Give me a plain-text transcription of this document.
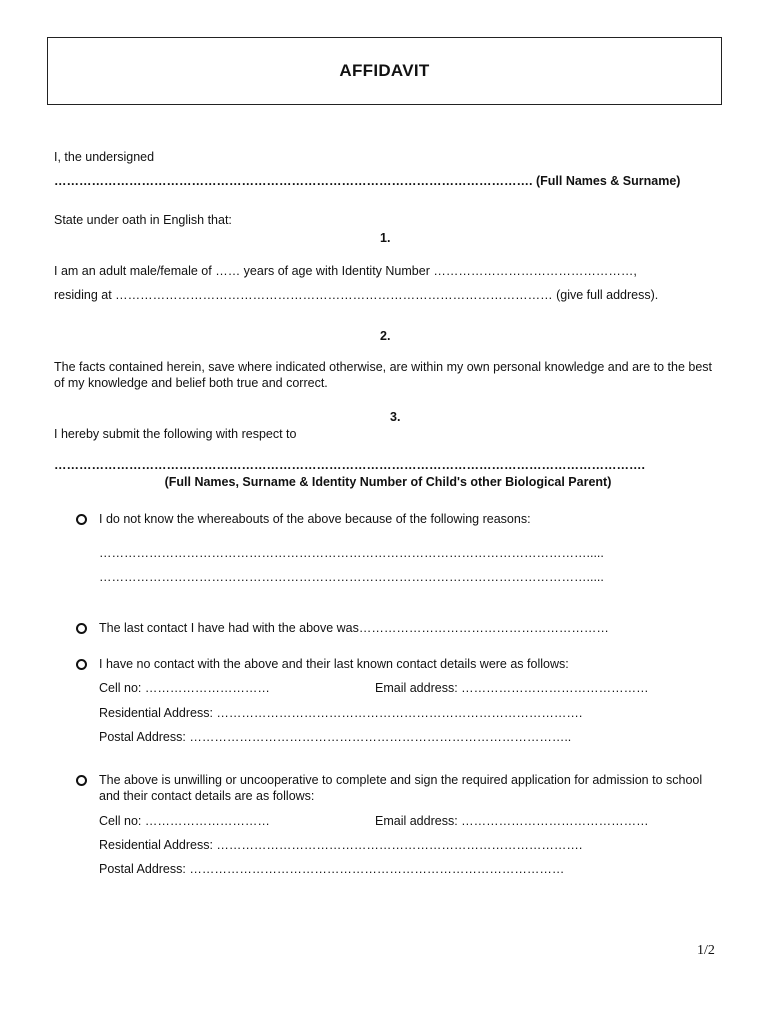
AFFIDAVIT
I, the undersigned
……………………………………………………………………………………………………. (Full Names & Surname)
State under oath in English that:
1.
I am an adult male/female of …… years of age with Identity Number …………………………………………,
residing at …………………………………………………………………………………………… (give full address).
2.
The facts contained herein, save where indicated otherwise, are within my own personal knowledge and are to the best of my knowledge and belief both true and correct.
3.
I hereby submit the following with respect to
…………………………………………………………………………………………………………………………….
(Full Names, Surname & Identity Number of Child's other Biological Parent)
I do not know the whereabouts of the above because of the following reasons:
……………………………………………………………………………………………………….....
……………………………………………………………………………………………………….....
The last contact I have had with the above was……………………………………………………
I have no contact with the above and their last known contact details were as follows:
Cell no: …………………………	Email address: ………………………………………
Residential Address: …………………………………………………………………………….
Postal Address: ………………………………………………………………………………..
The above is unwilling or uncooperative to complete and sign the required application for admission to school and their contact details are as follows:
Cell no: …………………………	Email address: ………………………………………
Residential Address: …………………………………………………………………………….
Postal Address: ………………………………………………………………………………
1/2
